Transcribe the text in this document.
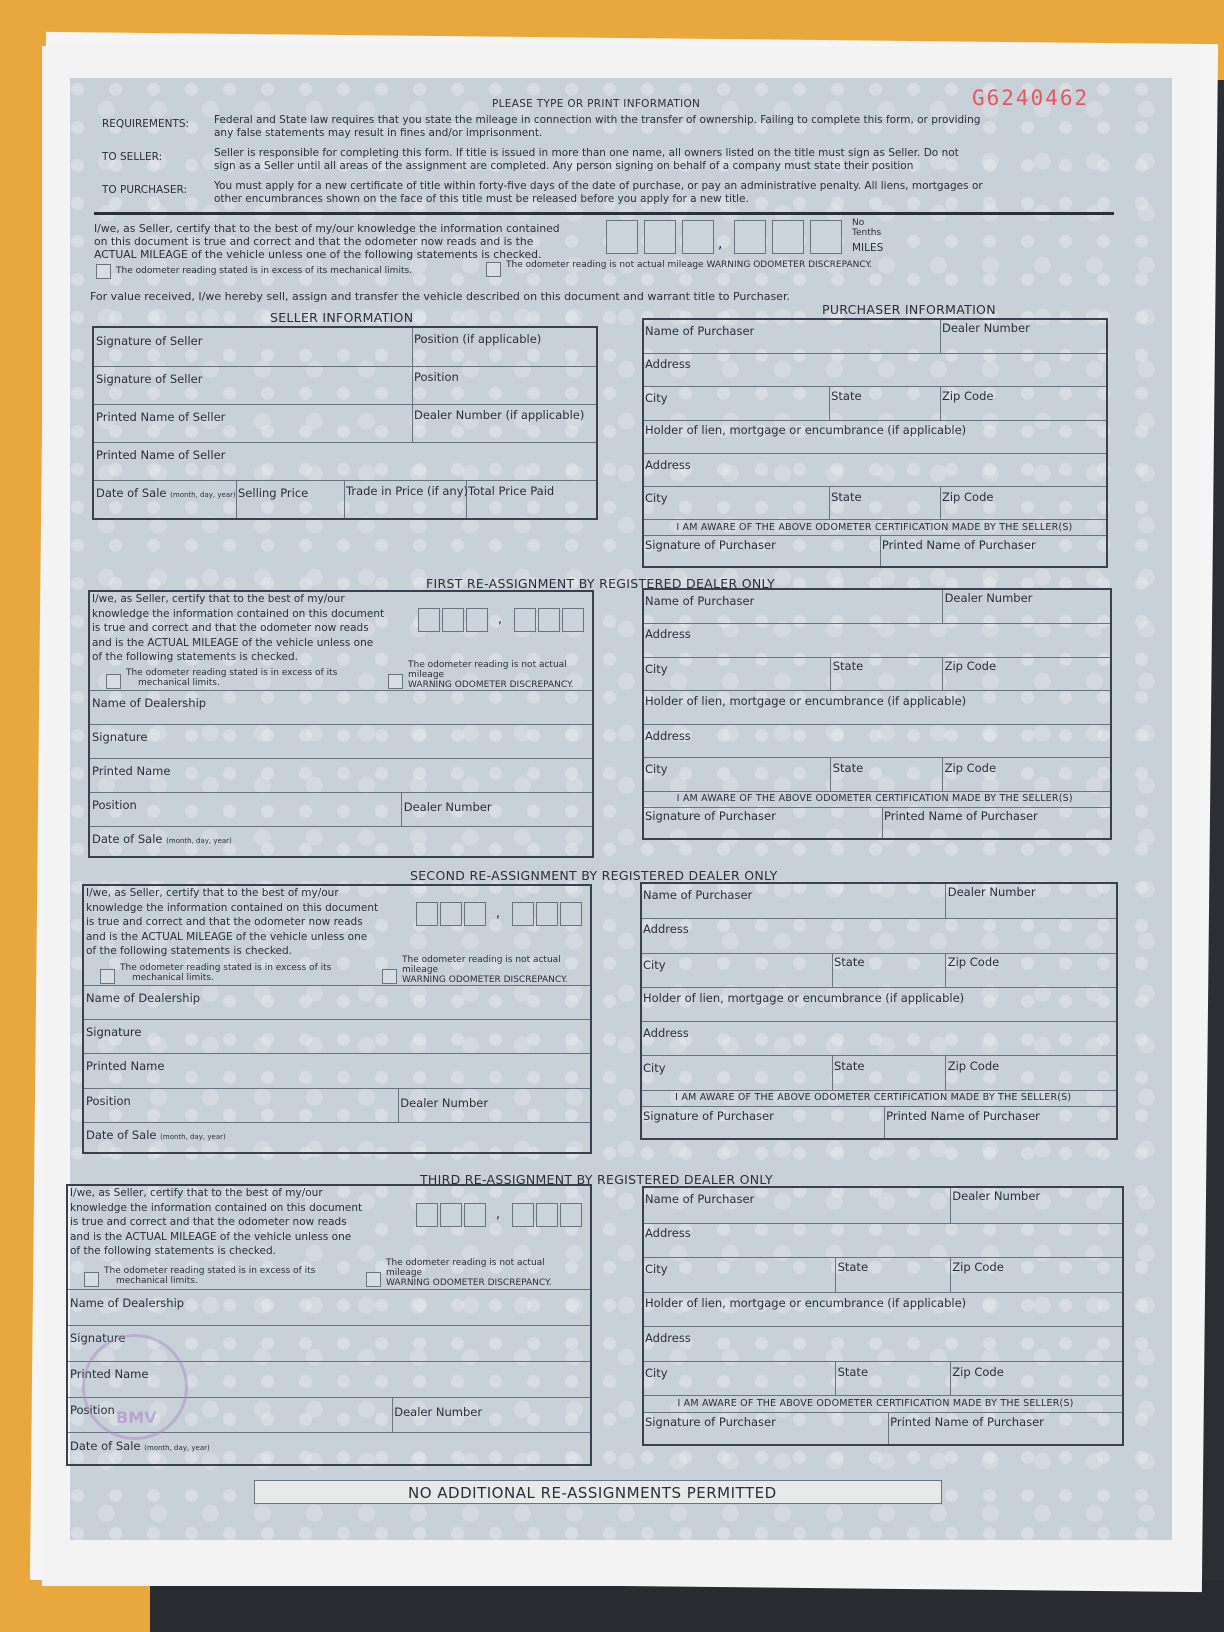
G6240462
PLEASE TYPE OR PRINT INFORMATION
REQUIREMENTS: Federal and State law requires that you state the mileage in connection with the transfer of ownership. Failing to complete this form, or providing
any false statements may result in fines and/or imprisonment.
TO SELLER:	Seller is responsible for completing this form. If title is issued in more than one name, all owners listed on the title must sign as Seller. Do not
sign as a Seller until all areas of the assignment are completed. Any person signing on behalf of a company must state their position
TO PURCHASER:	You must apply for a new certificate of title within forty-five days of the date of purchase, or pay an administrative penalty. All liens, mortgages or
other encumbrances shown on the face of this title must be released before you apply for a new title.
I/we, as Seller, certify that to the best of my/our knowledge the information contained
on this document is true and correct and that the odometer now reads and is the
ACTUAL MILEAGE of the vehicle unless one of the following statements is checked.
,
No
Tenths
MILES
The odometer reading stated is in excess of its mechanical limits.
The odometer reading is not actual mileage WARNING ODOMETER DISCREPANCY.
For value received, I/we hereby sell, assign and transfer the vehicle described on this document and warrant title to Purchaser.
SELLER INFORMATION
Signature of Seller	Position (if applicable)
Signature of Seller	Position
Printed Name of Seller	Dealer Number (if applicable)
Printed Name of Seller
Date of Sale (month, day, year) Selling Price	Trade in Price (if any) Total Price Paid
PURCHASER INFORMATION
Name of Purchaser	Dealer Number
Address
City	State	Zip Code
Holder of lien, mortgage or encumbrance (if applicable)
Address
City	State	Zip Code
I AM AWARE OF THE ABOVE ODOMETER CERTIFICATION MADE BY THE SELLER(S)
Signature of Purchaser	Printed Name of Purchaser
FIRST RE-ASSIGNMENT BY REGISTERED DEALER ONLY
I/we, as Seller, certify that to the best of my/our
knowledge the information contained on this document
is true and correct and that the odometer now reads
and is the ACTUAL MILEAGE of the vehicle unless one
of the following statements is checked.
,
The odometer reading stated is in excess of its
mechanical limits.
The odometer reading is not actual
mileage
WARNING ODOMETER DISCREPANCY.
Name of Dealership
Signature
Printed Name
Position	Dealer Number
Date of Sale (month, day, year)
Name of Purchaser	Dealer Number
Address
City	State	Zip Code
Holder of lien, mortgage or encumbrance (if applicable)
Address
City	State	Zip Code
I AM AWARE OF THE ABOVE ODOMETER CERTIFICATION MADE BY THE SELLER(S)
Signature of Purchaser	Printed Name of Purchaser
SECOND RE-ASSIGNMENT BY REGISTERED DEALER ONLY
I/we, as Seller, certify that to the best of my/our
knowledge the information contained on this document
is true and correct and that the odometer now reads
and is the ACTUAL MILEAGE of the vehicle unless one
of the following statements is checked.
,
The odometer reading stated is in excess of its
mechanical limits.
The odometer reading is not actual
mileage
WARNING ODOMETER DISCREPANCY.
Name of Dealership
Signature
Printed Name
Position	Dealer Number
Date of Sale (month, day, year)
Name of Purchaser	Dealer Number
Address
City	State	Zip Code
Holder of lien, mortgage or encumbrance (if applicable)
Address
City	State	Zip Code
I AM AWARE OF THE ABOVE ODOMETER CERTIFICATION MADE BY THE SELLER(S)
Signature of Purchaser	Printed Name of Purchaser
THIRD RE-ASSIGNMENT BY REGISTERED DEALER ONLY
I/we, as Seller, certify that to the best of my/our
knowledge the information contained on this document
is true and correct and that the odometer now reads
and is the ACTUAL MILEAGE of the vehicle unless one
of the following statements is checked.
,
The odometer reading stated is in excess of its
mechanical limits.
The odometer reading is not actual
mileage
WARNING ODOMETER DISCREPANCY.
Name of Dealership
Signature
Printed Name
Position	Dealer Number
Date of Sale (month, day, year)
Name of Purchaser	Dealer Number
Address
City	State	Zip Code
Holder of lien, mortgage or encumbrance (if applicable)
Address
City	State	Zip Code
I AM AWARE OF THE ABOVE ODOMETER CERTIFICATION MADE BY THE SELLER(S)
Signature of Purchaser	Printed Name of Purchaser
BMV
NO ADDITIONAL RE-ASSIGNMENTS PERMITTED
